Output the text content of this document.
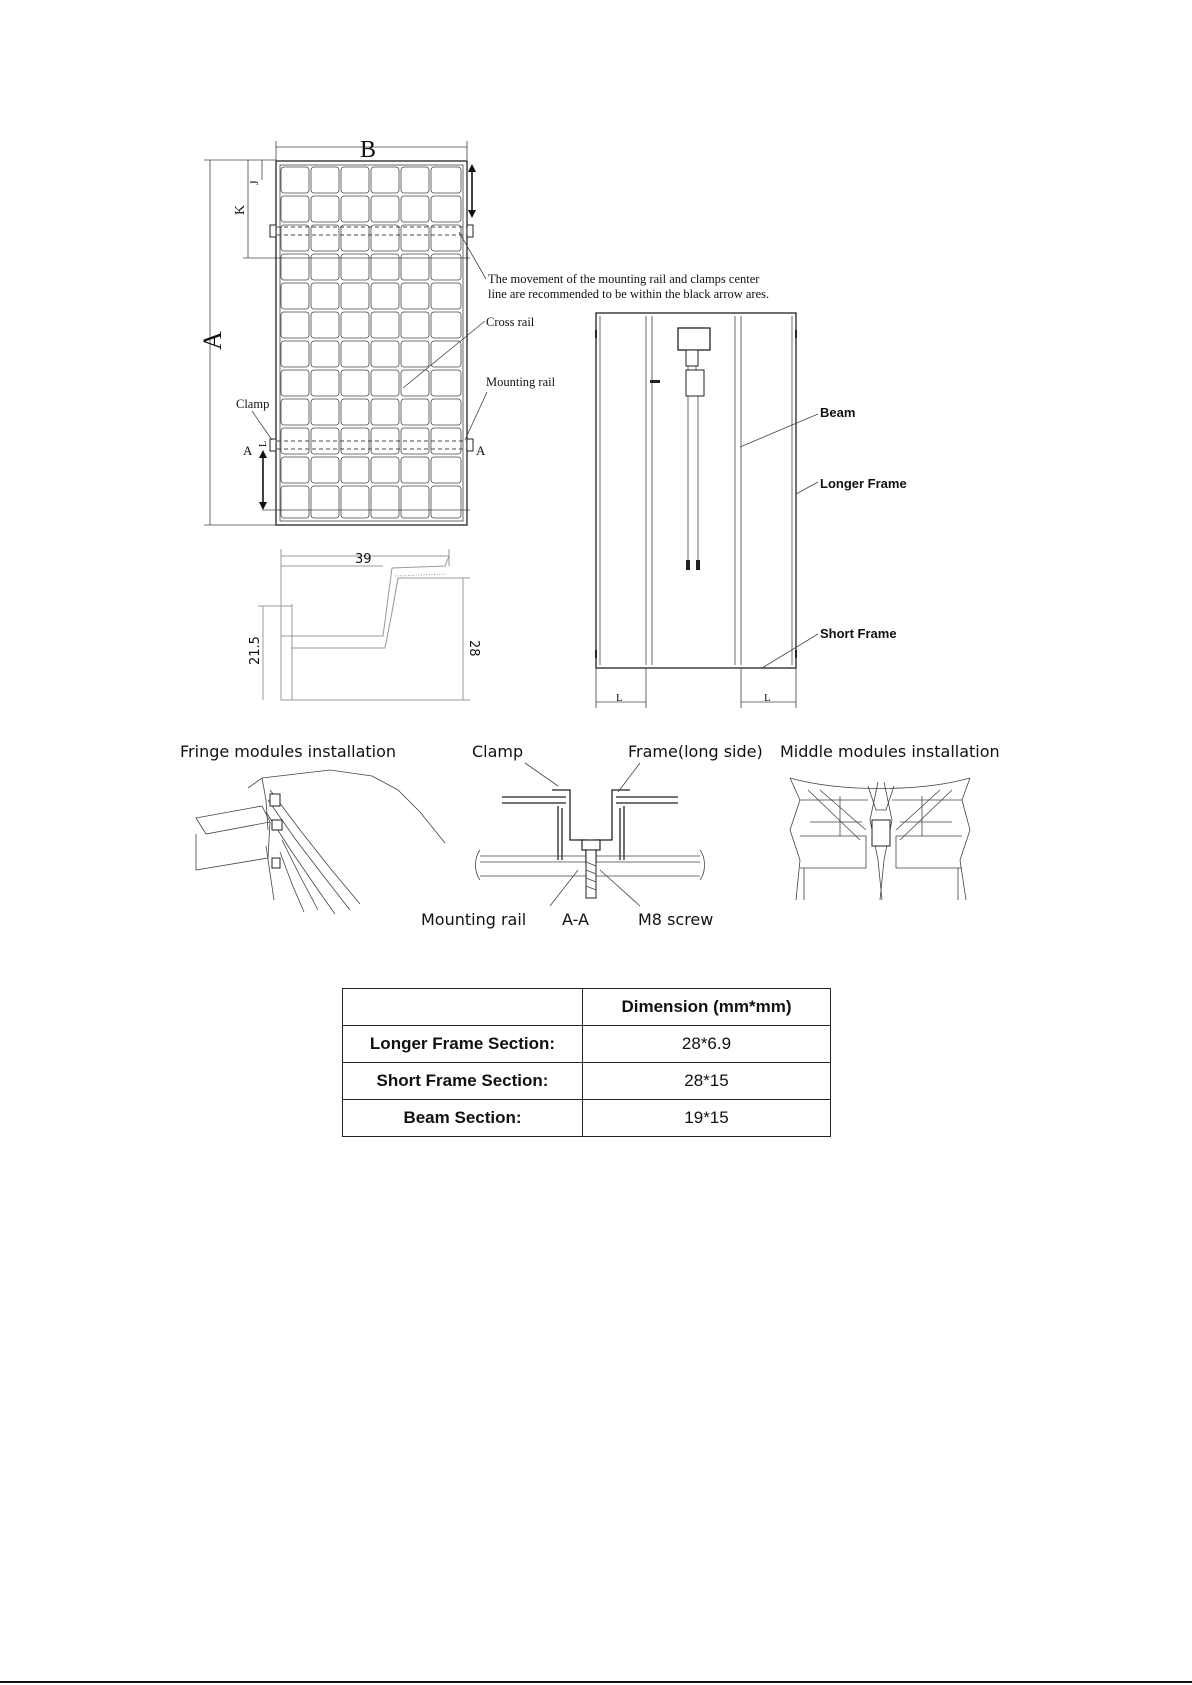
B
A
K
J
A	A
L
The movement of the mounting rail and clamps center
line are recommended to be within the black arrow ares.
Cross rail
Mounting rail
Clamp
L	L
Beam
Longer Frame
Short Frame
39
21.5	28
Fringe modules installation	Clamp	Frame(long side)
Mounting rail A-A	M8 screw
Middle modules installation
	Dimension (mm*mm)
Longer Frame Section:	28*6.9
Short Frame Section:	28*15
Beam Section:	19*15
